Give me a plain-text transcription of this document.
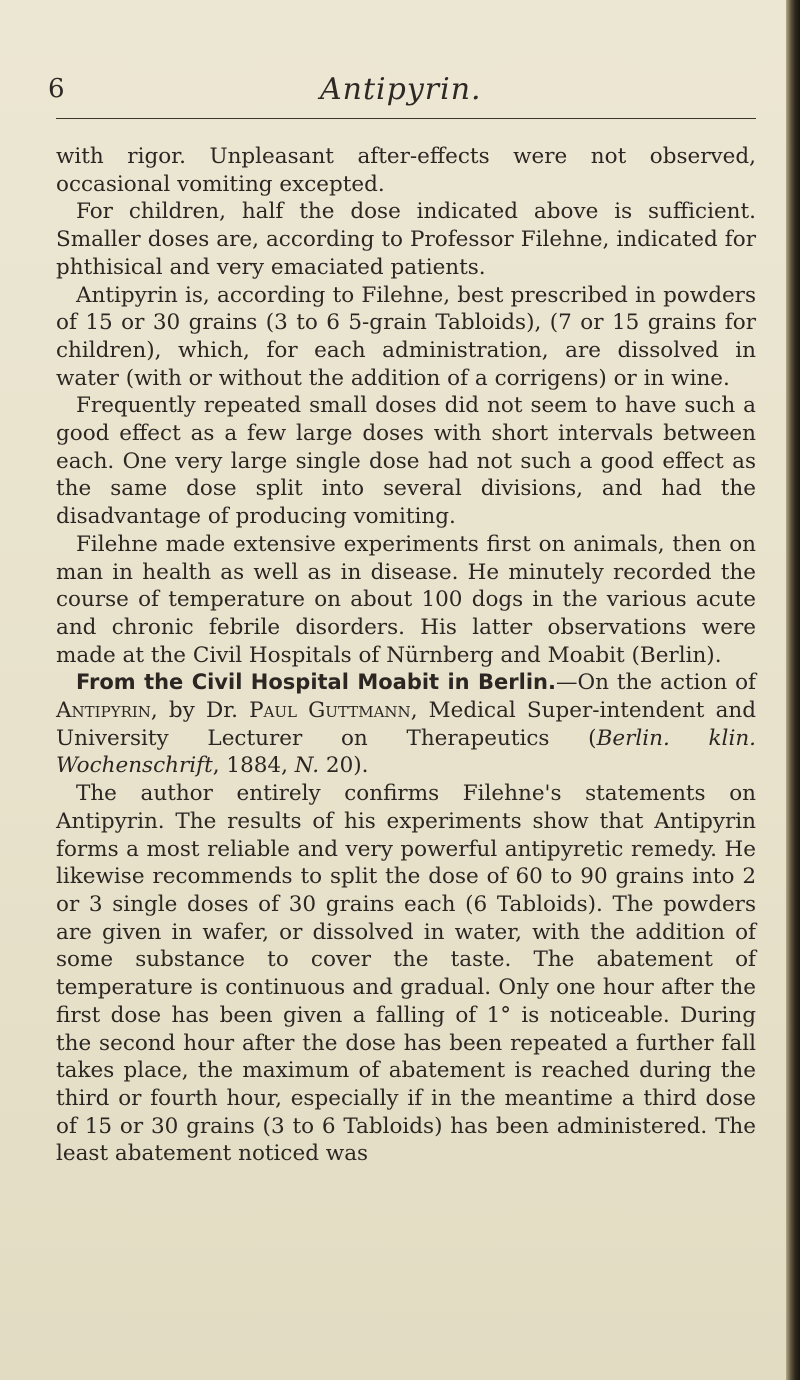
6	Antipyrin.

with rigor. Unpleasant after-effects were not observed, occasional vomiting excepted.

For children, half the dose indicated above is sufficient. Smaller doses are, according to Professor Filehne, indicated for phthisical and very emaciated patients.

Antipyrin is, according to Filehne, best prescribed in powders of 15 or 30 grains (3 to 6 5-grain Tabloids), (7 or 15 grains for children), which, for each administration, are dissolved in water (with or without the addition of a corrigens) or in wine.

Frequently repeated small doses did not seem to have such a good effect as a few large doses with short intervals between each. One very large single dose had not such a good effect as the same dose split into several divisions, and had the disadvantage of producing vomiting.

Filehne made extensive experiments first on animals, then on man in health as well as in disease. He minutely recorded the course of temperature on about 100 dogs in the various acute and chronic febrile disorders. His latter observations were made at the Civil Hospitals of Nürnberg and Moabit (Berlin).

From the Civil Hospital Moabit in Berlin.—On the action of Antipyrin, by Dr. Paul Guttmann, Medical Super-intendent and University Lecturer on Therapeutics (Berlin. klin. Wochenschrift, 1884, N. 20).

The author entirely confirms Filehne's statements on Antipyrin. The results of his experiments show that Antipyrin forms a most reliable and very powerful antipyretic remedy. He likewise recommends to split the dose of 60 to 90 grains into 2 or 3 single doses of 30 grains each (6 Tabloids). The powders are given in wafer, or dissolved in water, with the addition of some substance to cover the taste. The abatement of temperature is continuous and gradual. Only one hour after the first dose has been given a falling of 1° is noticeable. During the second hour after the dose has been repeated a further fall takes place, the maximum of abatement is reached during the third or fourth hour, especially if in the meantime a third dose of 15 or 30 grains (3 to 6 Tabloids) has been administered. The least abatement noticed was
